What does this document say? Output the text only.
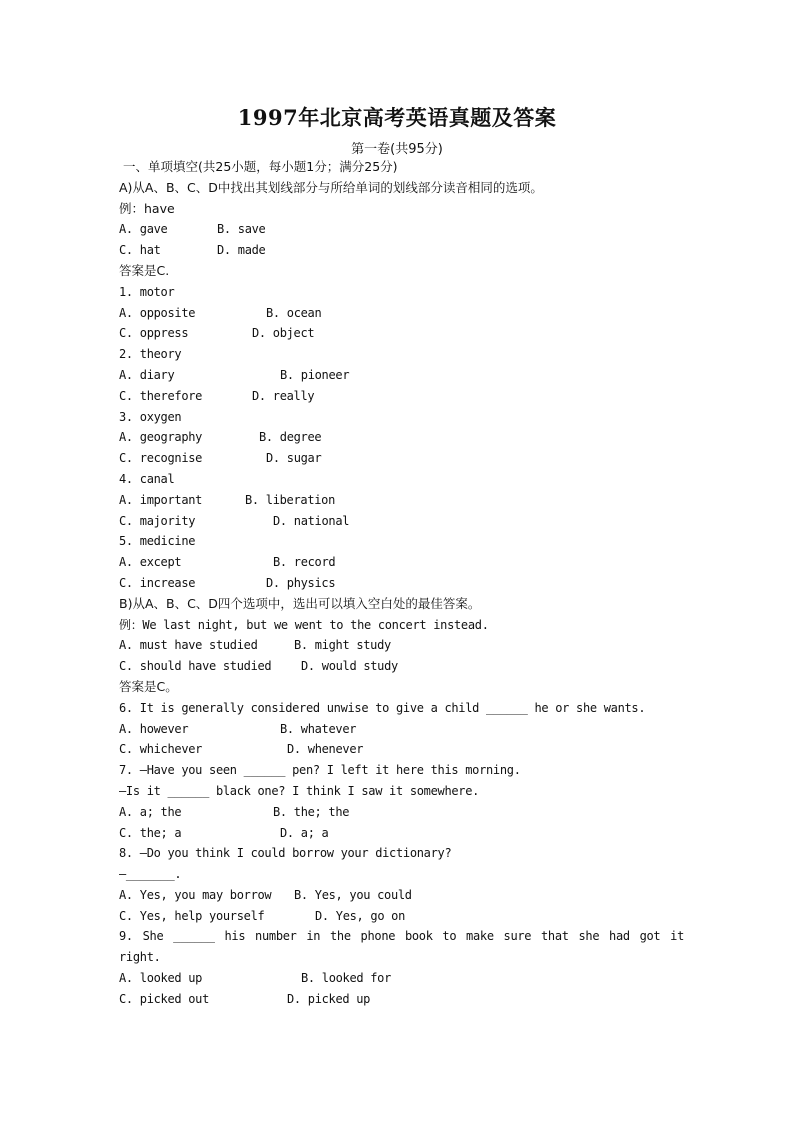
1997年北京高考英语真题及答案
第一卷(共95分)
一、单项填空(共25小题，每小题1分；满分25分)
A)从A、B、C、D中找出其划线部分与所给单词的划线部分读音相同的选项。
例：have
A. gave	B. save
C. hat	D. made
答案是C.
1. motor
A. opposite	B. ocean
C. oppress	D. object
2. theory
A. diary	B. pioneer
C. therefore	D. really
3. oxygen
A. geography	B. degree
C. recognise	D. sugar
4. canal
A. important	B. liberation
C. majority	D. national
5. medicine
A. except	B. record
C. increase	D. physics
B)从A、B、C、D四个选项中，选出可以填入空白处的最佳答案。
例：We last night, but we went to the concert instead.
A. must have studied	B. might study
C. should have studied D. would study
答案是C。
6. It is generally considered unwise to give a child ______ he or she wants.
A. however	B. whatever
C. whichever	D. whenever
7. —Have you seen ______ pen? I left it here this morning.
—Is it ______ black one? I think I saw it somewhere.
A. a; the	B. the; the
C. the; a	D. a; a
8. —Do you think I could borrow your dictionary?
—_______.
A. Yes, you may borrow B. Yes, you could
C. Yes, help yourself	D. Yes, go on
9. She ______ his number in the phone book to make sure that she had got it
right.
A. looked up	B. looked for
C. picked out	D. picked up
